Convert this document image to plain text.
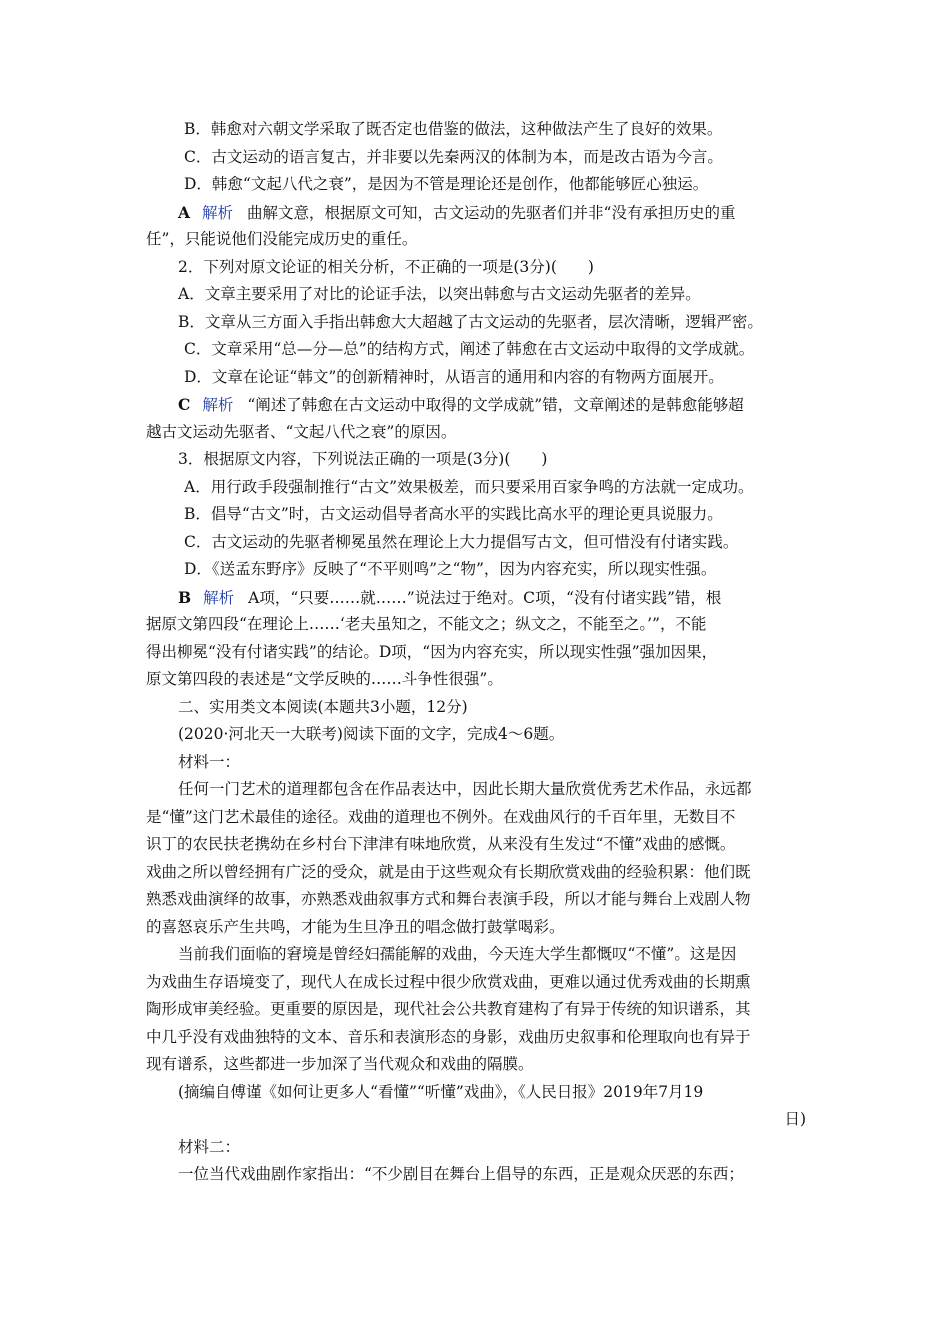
B．韩愈对六朝文学采取了既否定也借鉴的做法，这种做法产生了良好的效果。
C．古文运动的语言复古，并非要以先秦两汉的体制为本，而是改古语为今言。
D．韩愈“文起八代之衰”，是因为不管是理论还是创作，他都能够匠心独运。
A 解析 曲解文意，根据原文可知，古文运动的先驱者们并非“没有承担历史的重
任”，只能说他们没能完成历史的重任。
2．下列对原文论证的相关分析，不正确的一项是(3分)(　　)
A．文章主要采用了对比的论证手法，以突出韩愈与古文运动先驱者的差异。
B．文章从三方面入手指出韩愈大大超越了古文运动的先驱者，层次清晰，逻辑严密。
C．文章采用“总—分—总”的结构方式，阐述了韩愈在古文运动中取得的文学成就。
D．文章在论证“韩文”的创新精神时，从语言的通用和内容的有物两方面展开。
C 解析 “阐述了韩愈在古文运动中取得的文学成就”错，文章阐述的是韩愈能够超
越古文运动先驱者、“文起八代之衰”的原因。
3．根据原文内容，下列说法正确的一项是(3分)(　　)
A．用行政手段强制推行“古文”效果极差，而只要采用百家争鸣的方法就一定成功。
B．倡导“古文”时，古文运动倡导者高水平的实践比高水平的理论更具说服力。
C．古文运动的先驱者柳冕虽然在理论上大力提倡写古文，但可惜没有付诸实践。
D．《送孟东野序》反映了“不平则鸣”之“物”，因为内容充实，所以现实性强。
B 解析 A项，“只要……就……”说法过于绝对。C项，“没有付诸实践”错，根
据原文第四段“在理论上……‘老夫虽知之，不能文之；纵文之，不能至之。’”，不能
得出柳冕“没有付诸实践”的结论。D项，“因为内容充实，所以现实性强”强加因果，
原文第四段的表述是“文学反映的……斗争性很强”。
二、实用类文本阅读(本题共3小题，12分)
(2020·河北天一大联考)阅读下面的文字，完成4～6题。
材料一：
任何一门艺术的道理都包含在作品表达中，因此长期大量欣赏优秀艺术作品，永远都
是“懂”这门艺术最佳的途径。戏曲的道理也不例外。在戏曲风行的千百年里，无数目不
识丁的农民扶老携幼在乡村台下津津有味地欣赏，从来没有生发过“不懂”戏曲的感慨。
戏曲之所以曾经拥有广泛的受众，就是由于这些观众有长期欣赏戏曲的经验积累：他们既
熟悉戏曲演绎的故事，亦熟悉戏曲叙事方式和舞台表演手段，所以才能与舞台上戏剧人物
的喜怒哀乐产生共鸣，才能为生旦净丑的唱念做打鼓掌喝彩。
当前我们面临的窘境是曾经妇孺能解的戏曲，今天连大学生都慨叹“不懂”。这是因
为戏曲生存语境变了，现代人在成长过程中很少欣赏戏曲，更难以通过优秀戏曲的长期熏
陶形成审美经验。更重要的原因是，现代社会公共教育建构了有异于传统的知识谱系，其
中几乎没有戏曲独特的文本、音乐和表演形态的身影，戏曲历史叙事和伦理取向也有异于
现有谱系，这些都进一步加深了当代观众和戏曲的隔膜。
(摘编自傅谨《如何让更多人“看懂”“听懂”戏曲》，《人民日报》2019年7月19
日)
材料二：
一位当代戏曲剧作家指出：“不少剧目在舞台上倡导的东西，正是观众厌恶的东西；
